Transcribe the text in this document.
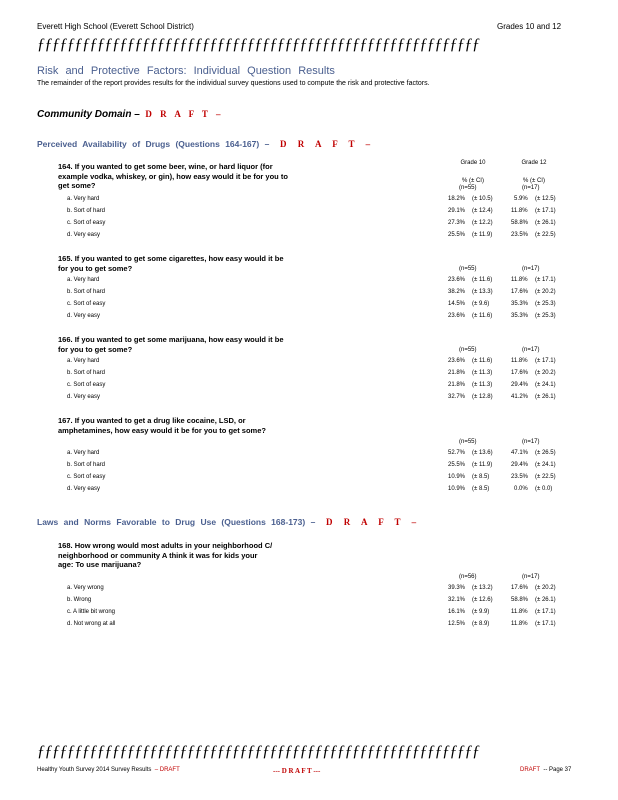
Everett High School (Everett School District)	Grades 10 and 12
ƒƒƒƒƒƒƒƒƒƒƒƒƒƒƒƒƒƒƒƒƒƒƒƒƒƒƒƒƒƒƒƒƒƒƒƒƒƒƒƒƒƒƒƒƒƒƒƒƒƒƒƒƒƒƒƒƒƒƒ
Risk and Protective Factors: Individual Question Results
The remainder of the report provides results for the individual survey questions used to compute the risk and protective factors.
Community Domain – D R A F T –
Perceived Availability of Drugs (Questions 164-167) – D R A F T –
Grade 10	Grade 12
% (± CI)	% (± CI)
164. If you wanted to get some beer, wine, or hard liquor (for example vodka, whiskey, or gin), how easy would it be for you to get some?	(n=55)	(n=17)
a. Very hard	18.2% (± 10.5)	5.9% (± 12.5)
b. Sort of hard	29.1% (± 12.4)	11.8% (± 17.1)
c. Sort of easy	27.3% (± 12.2)	58.8% (± 26.1)
d. Very easy	25.5% (± 11.9)	23.5% (± 22.5)
165. If you wanted to get some cigarettes, how easy would it be for you to get some?	(n=55)	(n=17)
a. Very hard	23.6% (± 11.6)	11.8% (± 17.1)
b. Sort of hard	38.2% (± 13.3)	17.6% (± 20.2)
c. Sort of easy	14.5% (± 9.6)	35.3% (± 25.3)
d. Very easy	23.6% (± 11.6)	35.3% (± 25.3)
166. If you wanted to get some marijuana, how easy would it be for you to get some?	(n=55)	(n=17)
a. Very hard	23.6% (± 11.6)	11.8% (± 17.1)
b. Sort of hard	21.8% (± 11.3)	17.6% (± 20.2)
c. Sort of easy	21.8% (± 11.3)	29.4% (± 24.1)
d. Very easy	32.7% (± 12.8)	41.2% (± 26.1)
167. If you wanted to get a drug like cocaine, LSD, or amphetamines, how easy would it be for you to get some?
(n=55)	(n=17)
a. Very hard	52.7% (± 13.6)	47.1% (± 26.5)
b. Sort of hard	25.5% (± 11.9)	29.4% (± 24.1)
c. Sort of easy	10.9% (± 8.5)	23.5% (± 22.5)
d. Very easy	10.9% (± 8.5)	0.0% (± 0.0)
Laws and Norms Favorable to Drug Use (Questions 168-173) – D R A F T –
168. How wrong would most adults in your neighborhood C/ neighborhood or community A think it was for kids your age: To use marijuana?
(n=56)	(n=17)
a. Very wrong	39.3% (± 13.2)	17.6% (± 20.2)
b. Wrong	32.1% (± 12.6)	58.8% (± 26.1)
c. A little bit wrong	16.1% (± 9.9)	11.8% (± 17.1)
d. Not wrong at all	12.5% (± 8.9)	11.8% (± 17.1)
ƒƒƒƒƒƒƒƒƒƒƒƒƒƒƒƒƒƒƒƒƒƒƒƒƒƒƒƒƒƒƒƒƒƒƒƒƒƒƒƒƒƒƒƒƒƒƒƒƒƒƒƒƒƒƒƒƒƒƒ
Healthy Youth Survey 2014 Survey Results – DRAFT	--- D R A F T ---	DRAFT -- Page 37
